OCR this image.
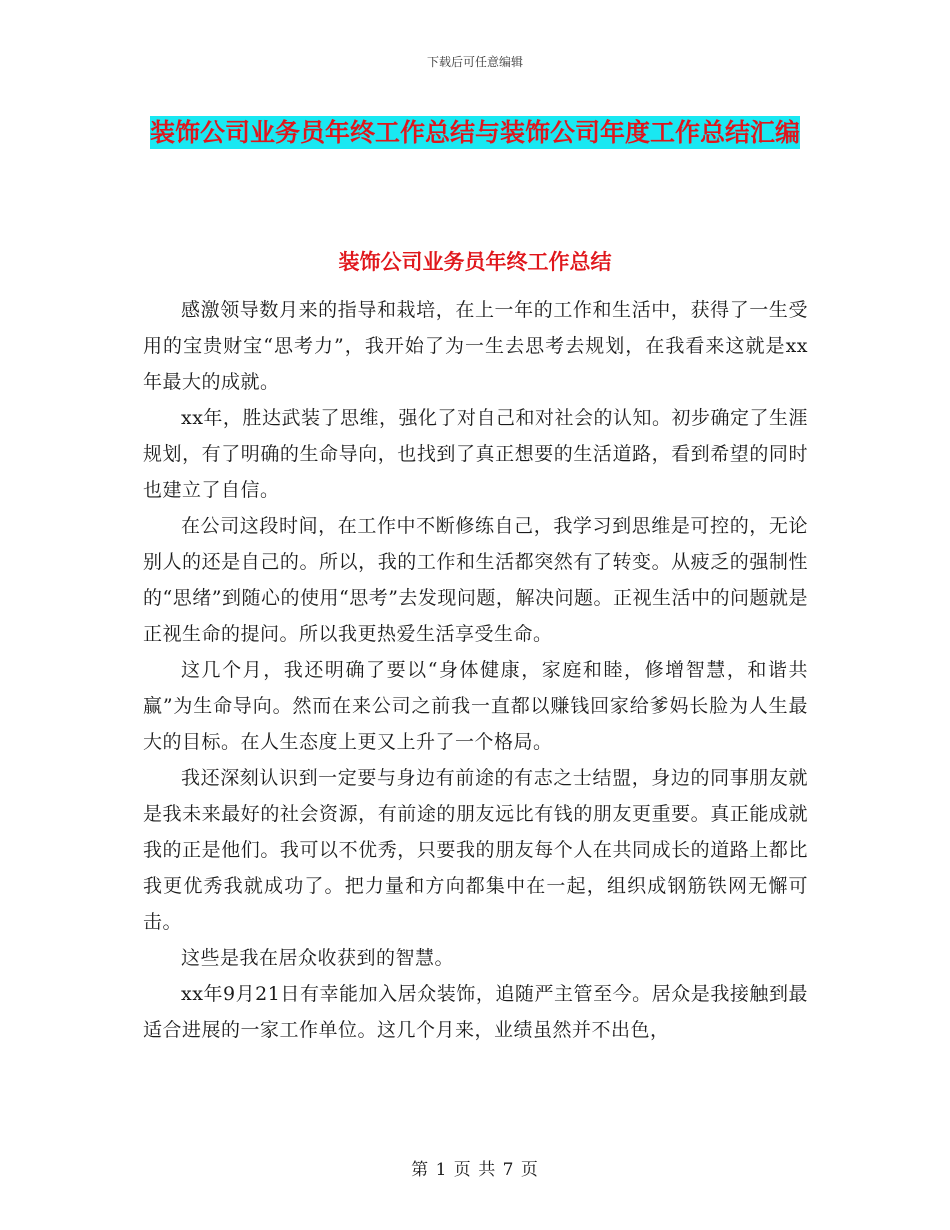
下载后可任意编辑
装饰公司业务员年终工作总结与装饰公司年度工作总结汇编
装饰公司业务员年终工作总结

感激领导数月来的指导和栽培，在上一年的工作和生活中，获得了一生受用的宝贵财宝“思考力”，我开始了为一生去思考去规划，在我看来这就是xx年最大的成就。

xx年，胜达武装了思维，强化了对自己和对社会的认知。初步确定了生涯规划，有了明确的生命导向，也找到了真正想要的生活道路，看到希望的同时也建立了自信。

在公司这段时间，在工作中不断修练自己，我学习到思维是可控的，无论别人的还是自己的。所以，我的工作和生活都突然有了转变。从疲乏的强制性的“思绪”到随心的使用“思考”去发现问题，解决问题。正视生活中的问题就是正视生命的提问。所以我更热爱生活享受生命。

这几个月，我还明确了要以“身体健康，家庭和睦，修增智慧，和谐共赢”为生命导向。然而在来公司之前我一直都以赚钱回家给爹妈长脸为人生最大的目标。在人生态度上更又上升了一个格局。

我还深刻认识到一定要与身边有前途的有志之士结盟，身边的同事朋友就是我未来最好的社会资源，有前途的朋友远比有钱的朋友更重要。真正能成就我的正是他们。我可以不优秀，只要我的朋友每个人在共同成长的道路上都比我更优秀我就成功了。把力量和方向都集中在一起，组织成钢筋铁网无懈可击。

这些是我在居众收获到的智慧。

xx年9月21日有幸能加入居众装饰，追随严主管至今。居众是我接触到最适合进展的一家工作单位。这几个月来，业绩虽然并不出色，

第 1 页 共 7 页
